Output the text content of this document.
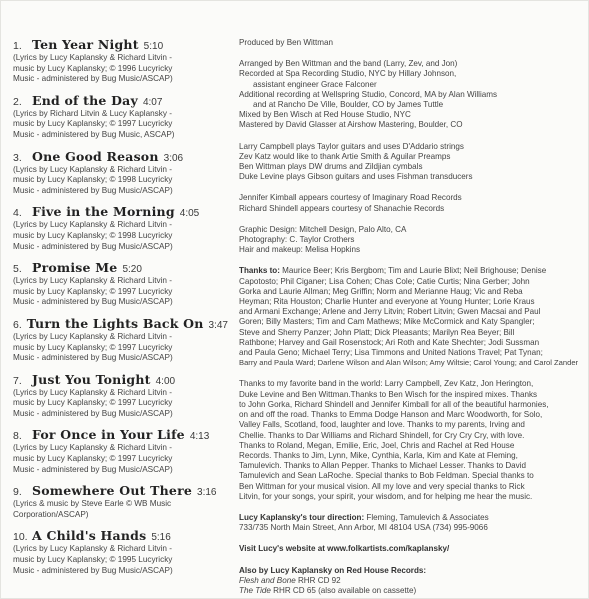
1. Ten Year Night 5:10
(Lyrics by Lucy Kaplansky & Richard Litvin -
music by Lucy Kaplansky; © 1996 Lucyricky
Music - administered by Bug Music/ASCAP)
2. End of the Day 4:07
(Lyrics by Richard Litvin & Lucy Kaplansky -
music by Lucy Kaplansky; © 1997 Lucyricky
Music - administered by Bug Music, ASCAP)
3. One Good Reason 3:06
(Lyrics by Lucy Kaplansky & Richard Litvin -
music by Lucy Kaplansky; © 1998 Lucyricky
Music - administered by Bug Music/ASCAP)
4. Five in the Morning 4:05
(Lyrics by Lucy Kaplansky & Richard Litvin -
music by Lucy Kaplansky; © 1998 Lucyricky
Music - administered by Bug Music/ASCAP)
5. Promise Me 5:20
(Lyrics by Lucy Kaplansky & Richard Litvin -
music by Lucy Kaplansky; © 1997 Lucyricky
Music - administered by Bug Music/ASCAP)
6. Turn the Lights Back On 3:47
(Lyrics by Lucy Kaplansky & Richard Litvin -
music by Lucy Kaplansky; © 1997 Lucyricky
Music - administered by Bug Music/ASCAP)
7. Just You Tonight 4:00
(Lyrics by Lucy Kaplansky & Richard Litvin -
music by Lucy Kaplansky; © 1997 Lucyricky
Music - administered by Bug Music/ASCAP)
8. For Once in Your Life 4:13
(Lyrics by Lucy Kaplansky & Richard Litvin -
music by Lucy Kaplansky; © 1997 Lucyricky
Music - administered by Bug Music/ASCAP)
9. Somewhere Out There 3:16
(Lyrics & music by Steve Earle © WB Music
Corporation/ASCAP)
10. A Child's Hands 5:16
(Lyrics by Lucy Kaplansky & Richard Litvin -
music by Lucy Kaplansky; © 1995 Lucyricky
Music - administered by Bug Music/ASCAP)

Produced by Ben Wittman

Arranged by Ben Wittman and the band (Larry, Zev, and Jon)

Recorded at Spa Recording Studio, NYC by Hillary Johnson,

assistant engineer Grace Falconer

Additional recording at Wellspring Studio, Concord, MA by Alan Williams

and at Rancho De Ville, Boulder, CO by James Tuttle

Mixed by Ben Wisch at Red House Studio, NYC

Mastered by David Glasser at Airshow Mastering, Boulder, CO

Larry Campbell plays Taylor guitars and uses D'Addario strings

Zev Katz would like to thank Artie Smith & Aguilar Preamps

Ben Wittman plays DW drums and Zildjian cymbals

Duke Levine plays Gibson guitars and uses Fishman transducers

Jennifer Kimball appears courtesy of Imaginary Road Records

Richard Shindell appears courtesy of Shanachie Records

Graphic Design: Mitchell Design, Palo Alto, CA

Photography: C. Taylor Crothers

Hair and makeup: Melisa Hopkins

Thanks to: Maurice Beer; Kris Bergbom; Tim and Laurie Blixt; Neil Brighouse; Denise

Capotosto; Phil Ciganer; Lisa Cohen; Chas Cole; Catie Curtis; Nina Gerber; John

Gorka and Laurie Allman; Meg Griffin; Norm and Merianne Haug; Vic and Reba

Heyman; Rita Houston; Charlie Hunter and everyone at Young Hunter; Lorie Kraus

and Armani Exchange; Arlene and Jerry Litvin; Robert Litvin; Gwen Macsai and Paul

Goren; Billy Masters; Tim and Cam Mathews; Mike McCormick and Katy Spangler;

Steve and Sherry Panzer; John Platt; Dick Pleasants; Marilyn Rea Beyer; Bill

Rathbone; Harvey and Gail Rosenstock; Ari Roth and Kate Shechter; Jodi Sussman

and Paula Geno; Michael Terry; Lisa Timmons and United Nations Travel; Pat Tynan;

Barry and Paula Ward; Darlene Wilson and Alan Wilson; Amy Wiltsie; Carol Young; and Carol Zander

Thanks to my favorite band in the world: Larry Campbell, Zev Katz, Jon Herington,

Duke Levine and Ben Wittman.Thanks to Ben Wisch for the inspired mixes. Thanks

to John Gorka, Richard Shindell and Jennifer Kimball for all of the beautiful harmonies,

on and off the road. Thanks to Emma Dodge Hanson and Marc Woodworth, for Solo,

Valley Falls, Scotland, food, laughter and love. Thanks to my parents, Irving and

Chellie. Thanks to Dar Williams and Richard Shindell, for Cry Cry Cry, with love.

Thanks to Roland, Megan, Emilie, Eric, Joel, Chris and Rachel at Red House

Records. Thanks to Jim, Lynn, Mike, Cynthia, Karla, Kim and Kate at Fleming,

Tamulevich. Thanks to Allan Pepper. Thanks to Michael Lesser. Thanks to David

Tamulevich and Sean LaRoche. Special thanks to Bob Feldman. Special thanks to

Ben Wittman for your musical vision. All my love and very special thanks to Rick

Litvin, for your songs, your spirit, your wisdom, and for helping me hear the music.

Lucy Kaplansky's tour direction: Fleming, Tamulevich & Associates

733/735 North Main Street, Ann Arbor, MI 48104 USA (734) 995-9066

Visit Lucy's website at www.folkartists.com/kaplansky/

Also by Lucy Kaplansky on Red House Records:

Flesh and Bone RHR CD 92

The Tide RHR CD 65 (also available on cassette)
